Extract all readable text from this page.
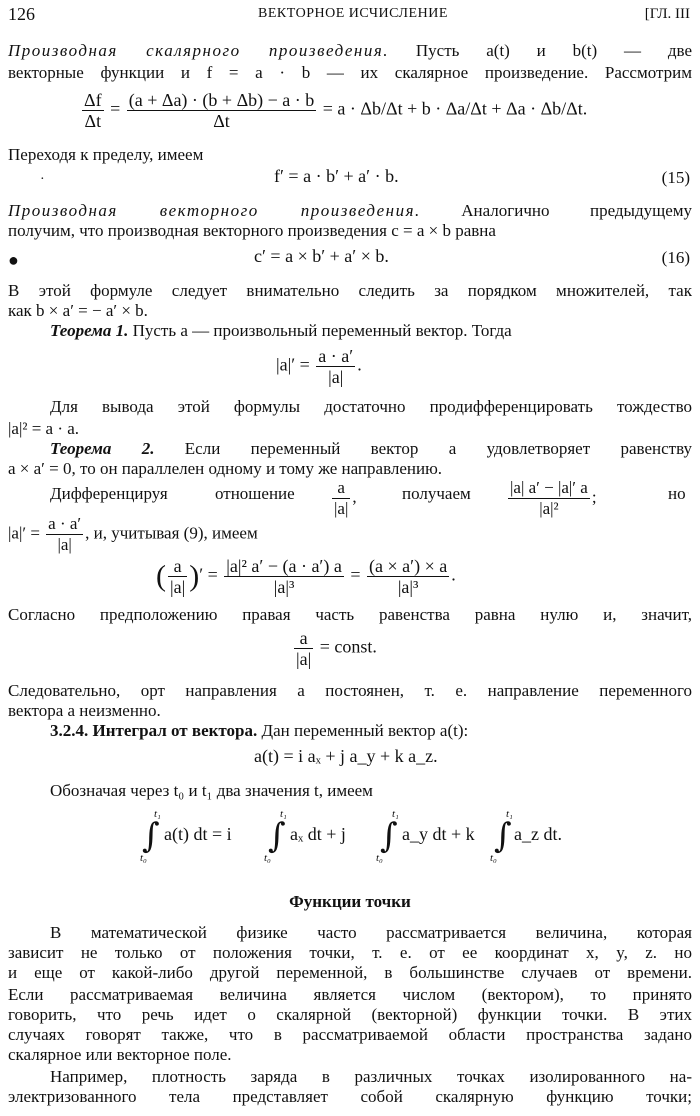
126	ВЕКТОРНОЕ ИСЧИСЛЕНИЕ	[ГЛ. III
Производная скалярного произведения. Пусть a(t) и b(t) — две
векторные функции и f = a · b — их скалярное произведение. Рассмотрим
$\frac{\Delta f}{\Delta t} = \frac{(a + \Delta a) \cdot (b + \Delta b) - a \cdot b}{\Delta t} = a \cdot \Delta b/\Delta t + b \cdot \Delta a/\Delta t + \Delta a \cdot \Delta b/\Delta t$.
Переходя к пределу, имеем
·	f′ = a · b′ + a′ · b.	(15)
Производная векторного произведения. Аналогично предыдущему
получим, что производная векторного произведения c = a × b равна
●	c′ = a × b′ + a′ × b.	(16)
В этой формуле следует внимательно следить за порядком множителей, так
как b × a′ = − a′ × b.
Теорема 1. Пусть a — произвольный переменный вектор. Тогда
$|a|' = \frac{a \cdot a'}{|a|}$ .
Для вывода этой формулы достаточно продифференцировать тождество
|a|² = a · a.
Теорема 2. Если переменный вектор a удовлетворяет равенству
a × a′ = 0, то он параллелен одному и тому же направлению.
Дифференцируя	отношение $\frac{a}{|a|}$ ,	получаем $\frac{|a| a' - |a|' a}{\text{|a|²}}$ ;	но
$|a|' = \frac{a \cdot a'}{|a|}$ , и, учитывая (9), имеем
( $\frac{a}{|a|}$ )′ = $\frac{\text{|a|² a′ − (a · a′) a}}{\text{|a|³}} = \frac{(a \times a') \times a}{\text{|a|³}}$ .
Согласно предположению правая часть равенства равна нулю и, значит,
$\frac{a}{|a|}$ = const.
Следовательно, орт направления a постоянен, т. е. направление переменного
вектора a неизменно.
3.2.4. Интеграл от вектора. Дан переменный вектор a(t):
a(t) = i aₓ + j a_y + k a_z.
Обозначая через t₀ и t₁ два значения t, имеем
∫
t₁
t₀
a(t) dt = i ∫
t₁
t₀
aₓ dt + j ∫
t₁
t₀
a_y dt + k ∫
t₁
t₀
a_z dt.
Функции точки
В математической физике часто рассматривается величина, которая
зависит не только от положения точки, т. е. от ее координат x, y, z. но
и еще от какой-либо другой переменной, в большинстве случаев от времени.
Если рассматриваемая величина является числом (вектором), то принято
говорить, что речь идет о скалярной (векторной) функции точки. В этих
случаях говорят также, что в рассматриваемой области пространства задано
скалярное или векторное поле.
Например, плотность заряда в различных точках изолированного на-
электризованного тела представляет собой скалярную функцию точки;
